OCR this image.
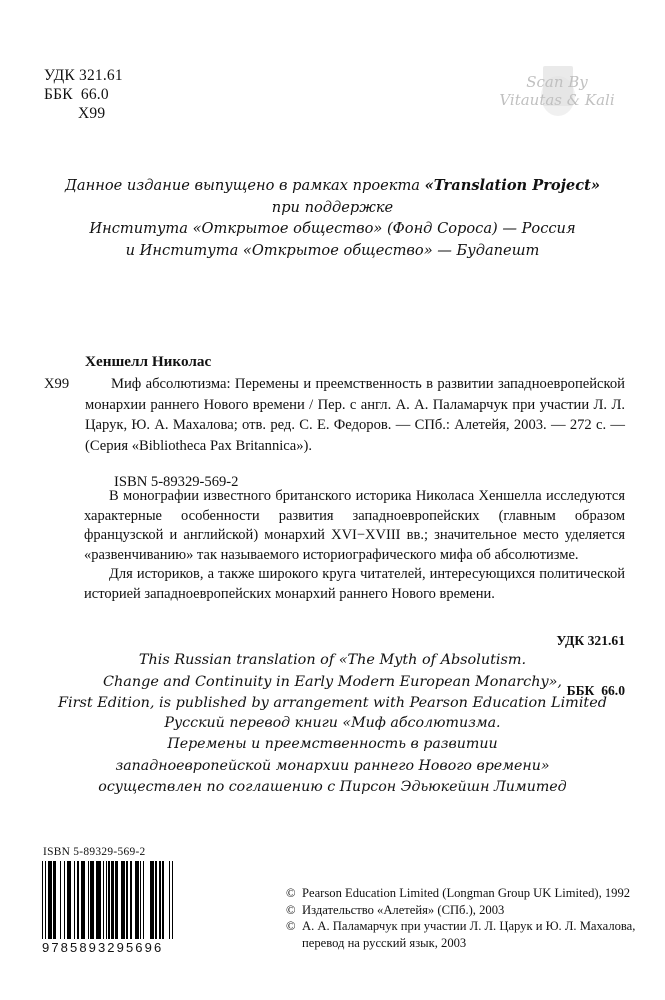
УДК 321.61
ББК  66.0
Х99
Scan By
Vitautas & Kali
Данное издание выпущено в рамках проекта «Translation Project»
при поддержке
Института «Открытое общество» (Фонд Сороса) — Россия
и Института «Открытое общество» — Будапешт
Хеншелл Николас
Х99	Миф абсолютизма: Перемены и преемственность в развитии западноевропейской монархии раннего Нового времени / Пер. с англ. А. А. Паламарчук при участии Л. Л. Царук, Ю. А. Махалова; отв. ред. С. Е. Федоров. — СПб.: Алетейя, 2003. — 272 с. — (Серия «Bibliotheca Pax Britannica»).
ISBN 5-89329-569-2

В монографии известного британского историка Николаса Хеншелла исследуются характерные особенности развития западноевропейских (главным образом французской и английской) монархий XVI−XVIII вв.; значительное место уделяется «развенчиванию» так называемого историографического мифа об абсолютизме.

Для историков, а также широкого круга читателей, интересующихся политической историей западноевропейских монархий раннего Нового времени.

УДК 321.61

ББК  66.0

This Russian translation of «The Myth of Absolutism.
Change and Continuity in Early Modern European Monarchy»,
First Edition, is published by arrangement with Pearson Education Limited
Русский перевод книги «Миф абсолютизма.
Перемены и преемственность в развитии
западноевропейской монархии раннего Нового времени»
осуществлен по соглашению с Пирсон Эдьюкейшн Лимитед
ISBN 5-89329-569-2
9785893295696
© Pearson Education Limited (Longman Group UK Limited), 1992
© Издательство «Алетейя» (СПб.), 2003
© А. А. Паламарчук при участии Л. Л. Царук и Ю. Л. Махалова,
перевод на русский язык, 2003
